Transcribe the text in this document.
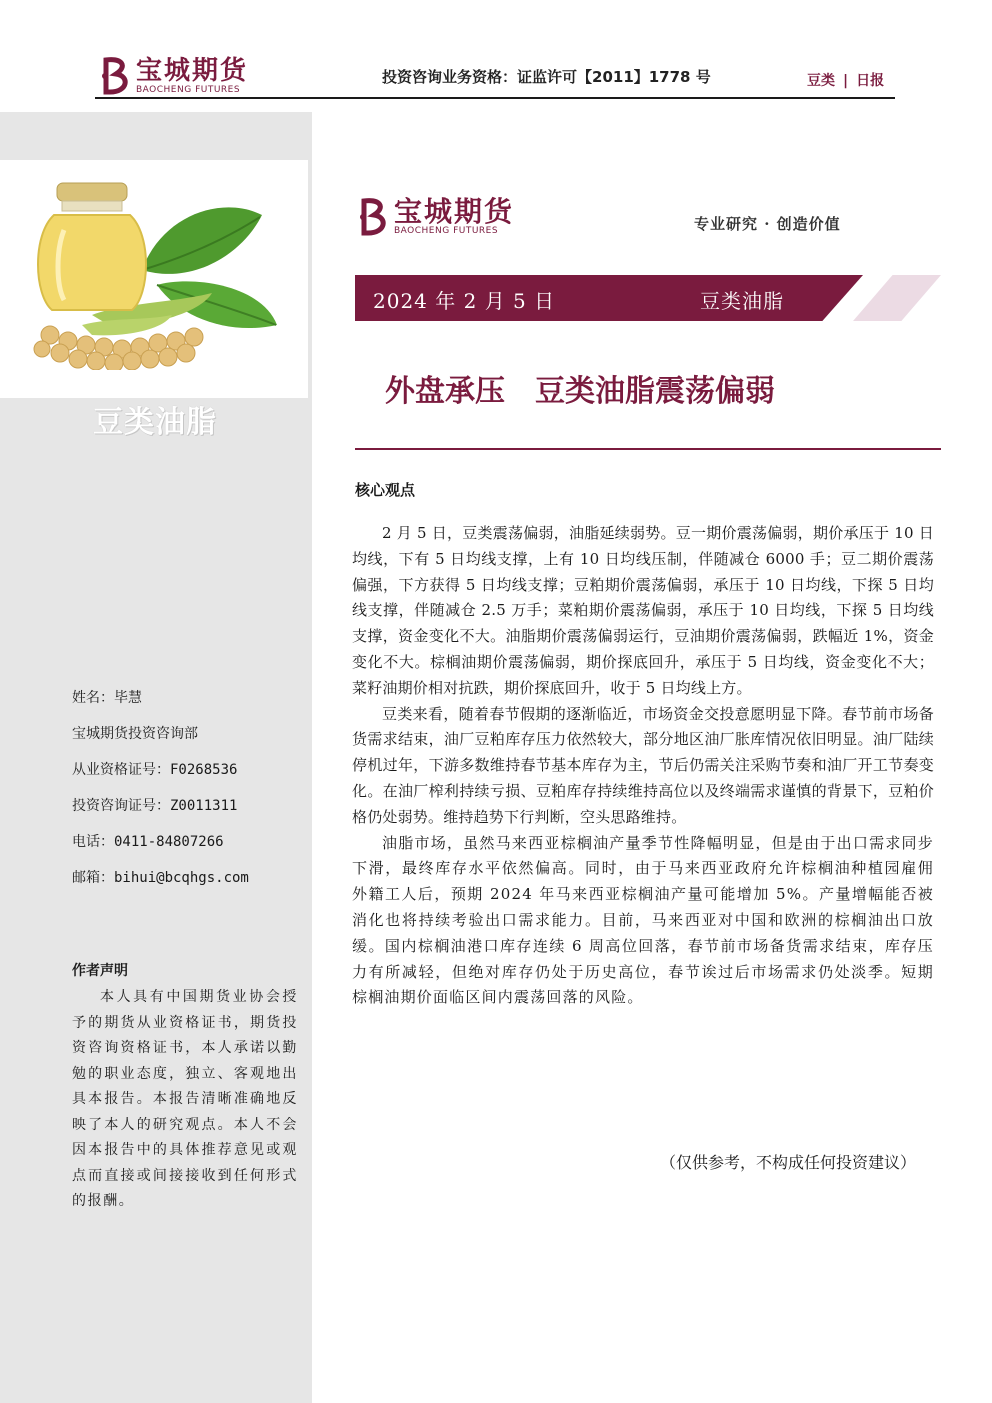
宝城期货
BAOCHENG FUTURES
投资咨询业务资格：证监许可【2011】1778 号	豆类 | 日报
豆类油脂
姓名：毕慧
宝城期货投资咨询部
从业资格证号：F0268536
投资咨询证号：Z0011311
电话：0411-84807266
邮箱：bihui@bcqhgs.com
作者声明
本人具有中国期货业协会授予的期货从业资格证书，期货投资咨询资格证书，本人承诺以勤勉的职业态度，独立、客观地出具本报告。本报告清晰准确地反映了本人的研究观点。本人不会因本报告中的具体推荐意见或观点而直接或间接接收到任何形式的报酬。
宝城期货
BAOCHENG FUTURES	专业研究 · 创造价值
2024 年 2 月 5 日	豆类油脂
外盘承压　豆类油脂震荡偏弱
核心观点

2 月 5 日，豆类震荡偏弱，油脂延续弱势。豆一期价震荡偏弱，期价承压于 10 日均线，下有 5 日均线支撑，上有 10 日均线压制，伴随减仓 6000 手；豆二期价震荡偏强，下方获得 5 日均线支撑；豆粕期价震荡偏弱，承压于 10 日均线，下探 5 日均线支撑，伴随减仓 2.5 万手；菜粕期价震荡偏弱，承压于 10 日均线，下探 5 日均线支撑，资金变化不大。油脂期价震荡偏弱运行，豆油期价震荡偏弱，跌幅近 1%，资金变化不大。棕榈油期价震荡偏弱，期价探底回升，承压于 5 日均线，资金变化不大；菜籽油期价相对抗跌，期价探底回升，收于 5 日均线上方。

豆类来看，随着春节假期的逐渐临近，市场资金交投意愿明显下降。春节前市场备货需求结束，油厂豆粕库存压力依然较大，部分地区油厂胀库情况依旧明显。油厂陆续停机过年，下游多数维持春节基本库存为主，节后仍需关注采购节奏和油厂开工节奏变化。在油厂榨利持续亏损、豆粕库存持续维持高位以及终端需求谨慎的背景下，豆粕价格仍处弱势。维持趋势下行判断，空头思路维持。

油脂市场，虽然马来西亚棕榈油产量季节性降幅明显，但是由于出口需求同步下滑，最终库存水平依然偏高。同时，由于马来西亚政府允许棕榈油种植园雇佣外籍工人后，预期 2024 年马来西亚棕榈油产量可能增加 5%。产量增幅能否被消化也将持续考验出口需求能力。目前，马来西亚对中国和欧洲的棕榈油出口放缓。国内棕榈油港口库存连续 6 周高位回落，春节前市场备货需求结束，库存压力有所减轻，但绝对库存仍处于历史高位，春节诶过后市场需求仍处淡季。短期棕榈油期价面临区间内震荡回落的风险。

（仅供参考，不构成任何投资建议）
